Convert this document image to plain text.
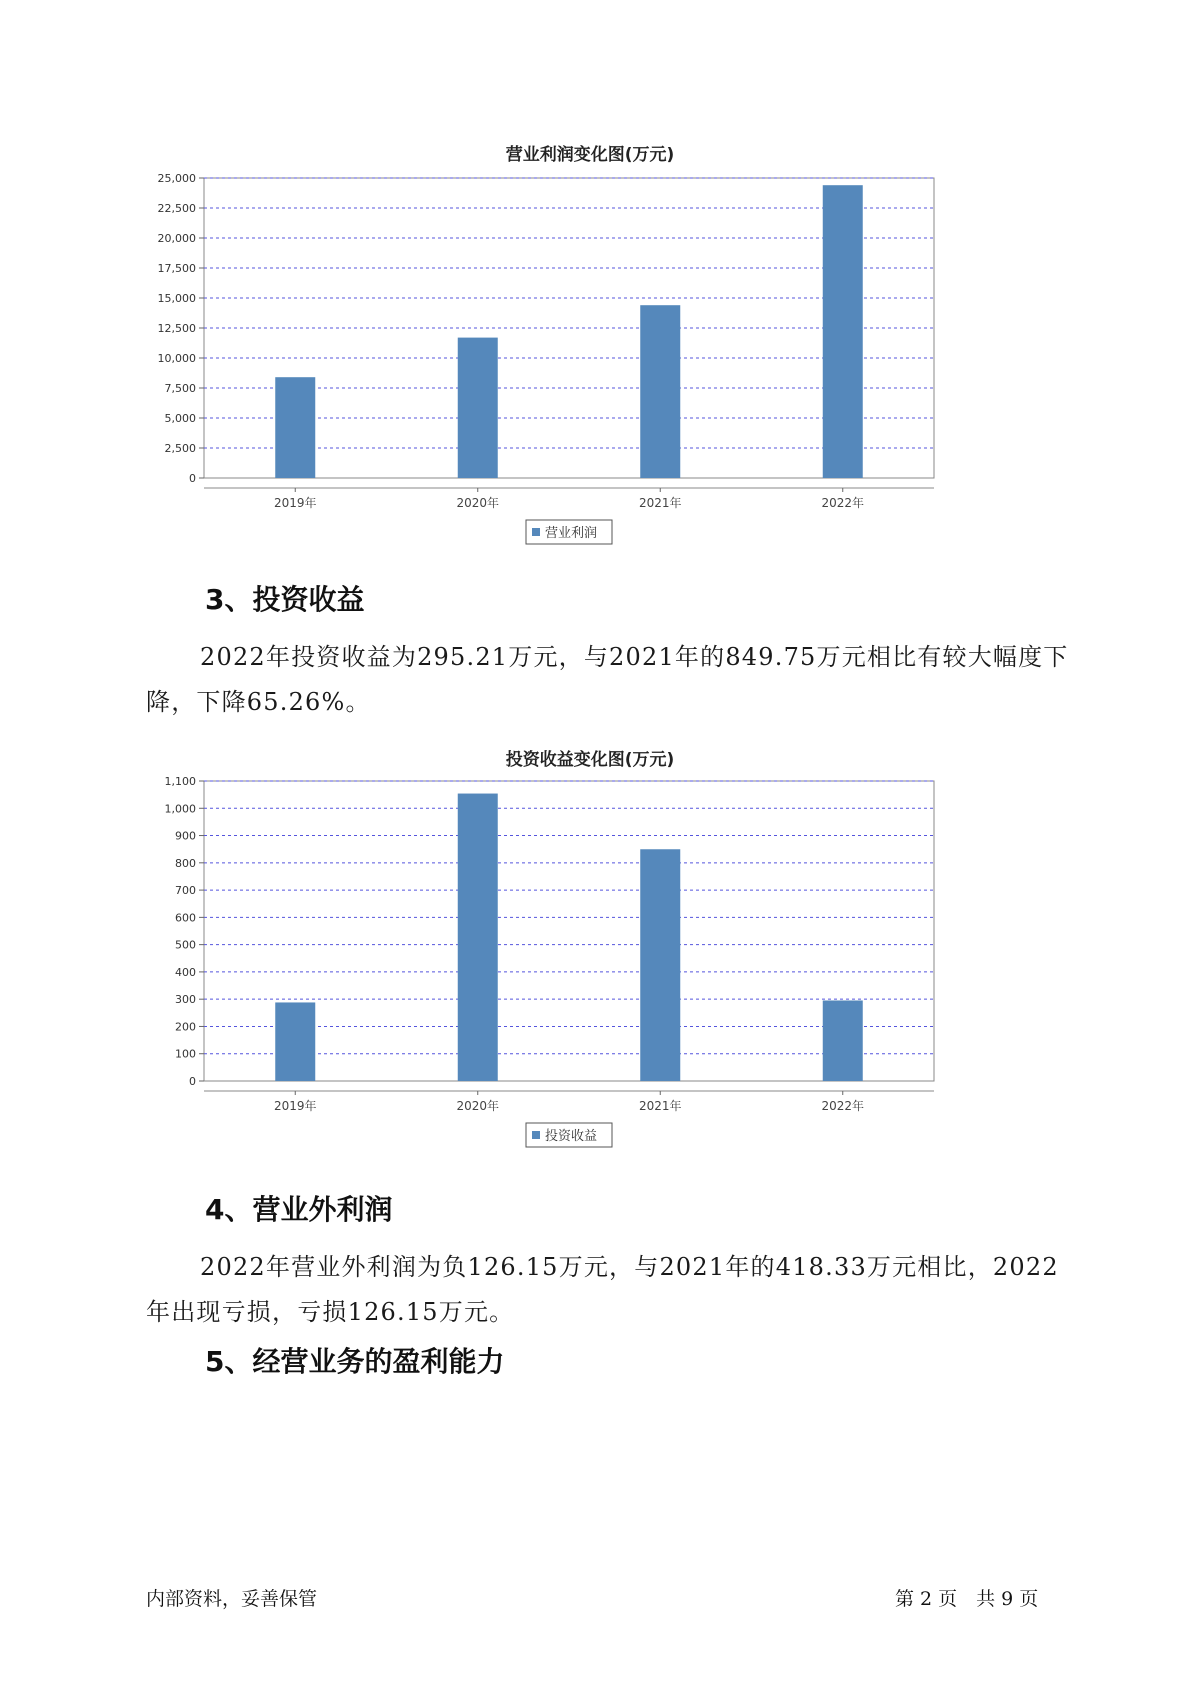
营业利润变化图(万元)
0
2,500
5,000
7,500
10,000
12,500
15,000
17,500
20,000
22,500
25,000
2019年	2020年	2021年	2022年
营业利润
3、投资收益

2022年投资收益为295.21万元，与2021年的849.75万元相比有较大幅度下降，下降65.26%。

投资收益变化图(万元)
0
100
200
300
400
500
600
700
800
900
1,000
1,100
2019年	2020年	2021年	2022年
投资收益
4、营业外利润

2022年营业外利润为负126.15万元，与2021年的418.33万元相比，2022年出现亏损，亏损126.15万元。

5、经营业务的盈利能力
内部资料，妥善保管	第 2 页　共 9 页
